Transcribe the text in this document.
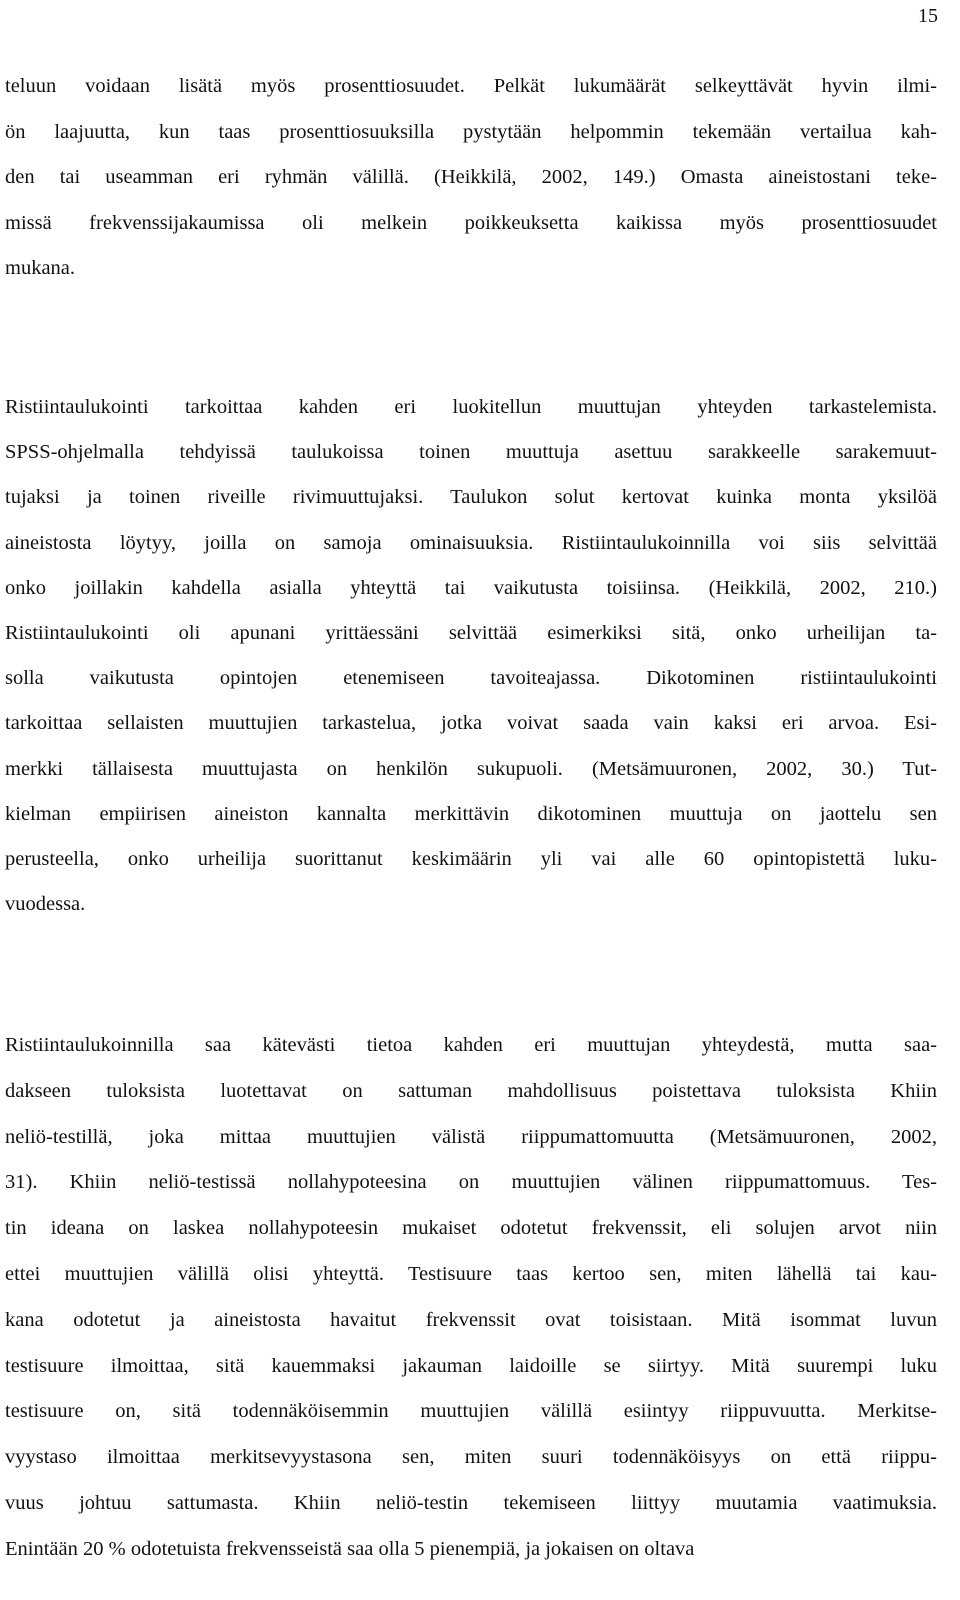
15
teluun voidaan lisätä myös prosenttiosuudet. Pelkät lukumäärät selkeyttävät hyvin ilmi-
ön laajuutta, kun taas prosenttiosuuksilla pystytään helpommin tekemään vertailua kah-
den tai useamman eri ryhmän välillä. (Heikkilä, 2002, 149.) Omasta aineistostani teke-
missä frekvenssijakaumissa oli melkein poikkeuksetta kaikissa myös prosenttiosuudet
mukana.
Ristiintaulukointi tarkoittaa kahden eri luokitellun muuttujan yhteyden tarkastelemista.
SPSS-ohjelmalla tehdyissä taulukoissa toinen muuttuja asettuu sarakkeelle sarakemuut-
tujaksi ja toinen riveille rivimuuttujaksi. Taulukon solut kertovat kuinka monta yksilöä
aineistosta löytyy, joilla on samoja ominaisuuksia. Ristiintaulukoinnilla voi siis selvittää
onko joillakin kahdella asialla yhteyttä tai vaikutusta toisiinsa. (Heikkilä, 2002, 210.)
Ristiintaulukointi oli apunani yrittäessäni selvittää esimerkiksi sitä, onko urheilijan ta-
solla vaikutusta opintojen etenemiseen tavoiteajassa. Dikotominen ristiintaulukointi
tarkoittaa sellaisten muuttujien tarkastelua, jotka voivat saada vain kaksi eri arvoa. Esi-
merkki tällaisesta muuttujasta on henkilön sukupuoli. (Metsämuuronen, 2002, 30.) Tut-
kielman empiirisen aineiston kannalta merkittävin dikotominen muuttuja on jaottelu sen
perusteella, onko urheilija suorittanut keskimäärin yli vai alle 60 opintopistettä luku-
vuodessa.
Ristiintaulukoinnilla saa kätevästi tietoa kahden eri muuttujan yhteydestä, mutta saa-
dakseen tuloksista luotettavat on sattuman mahdollisuus poistettava tuloksista Khiin
neliö-testillä, joka mittaa muuttujien välistä riippumattomuutta (Metsämuuronen, 2002,
31). Khiin neliö-testissä nollahypoteesina on muuttujien välinen riippumattomuus. Tes-
tin ideana on laskea nollahypoteesin mukaiset odotetut frekvenssit, eli solujen arvot niin
ettei muuttujien välillä olisi yhteyttä. Testisuure taas kertoo sen, miten lähellä tai kau-
kana odotetut ja aineistosta havaitut frekvenssit ovat toisistaan. Mitä isommat luvun
testisuure ilmoittaa, sitä kauemmaksi jakauman laidoille se siirtyy. Mitä suurempi luku
testisuure on, sitä todennäköisemmin muuttujien välillä esiintyy riippuvuutta. Merkitse-
vyystaso ilmoittaa merkitsevyystasona sen, miten suuri todennäköisyys on että riippu-
vuus johtuu sattumasta. Khiin neliö-testin tekemiseen liittyy muutamia vaatimuksia.
Enintään 20 % odotetuista frekvensseistä saa olla 5 pienempiä, ja jokaisen on oltava
